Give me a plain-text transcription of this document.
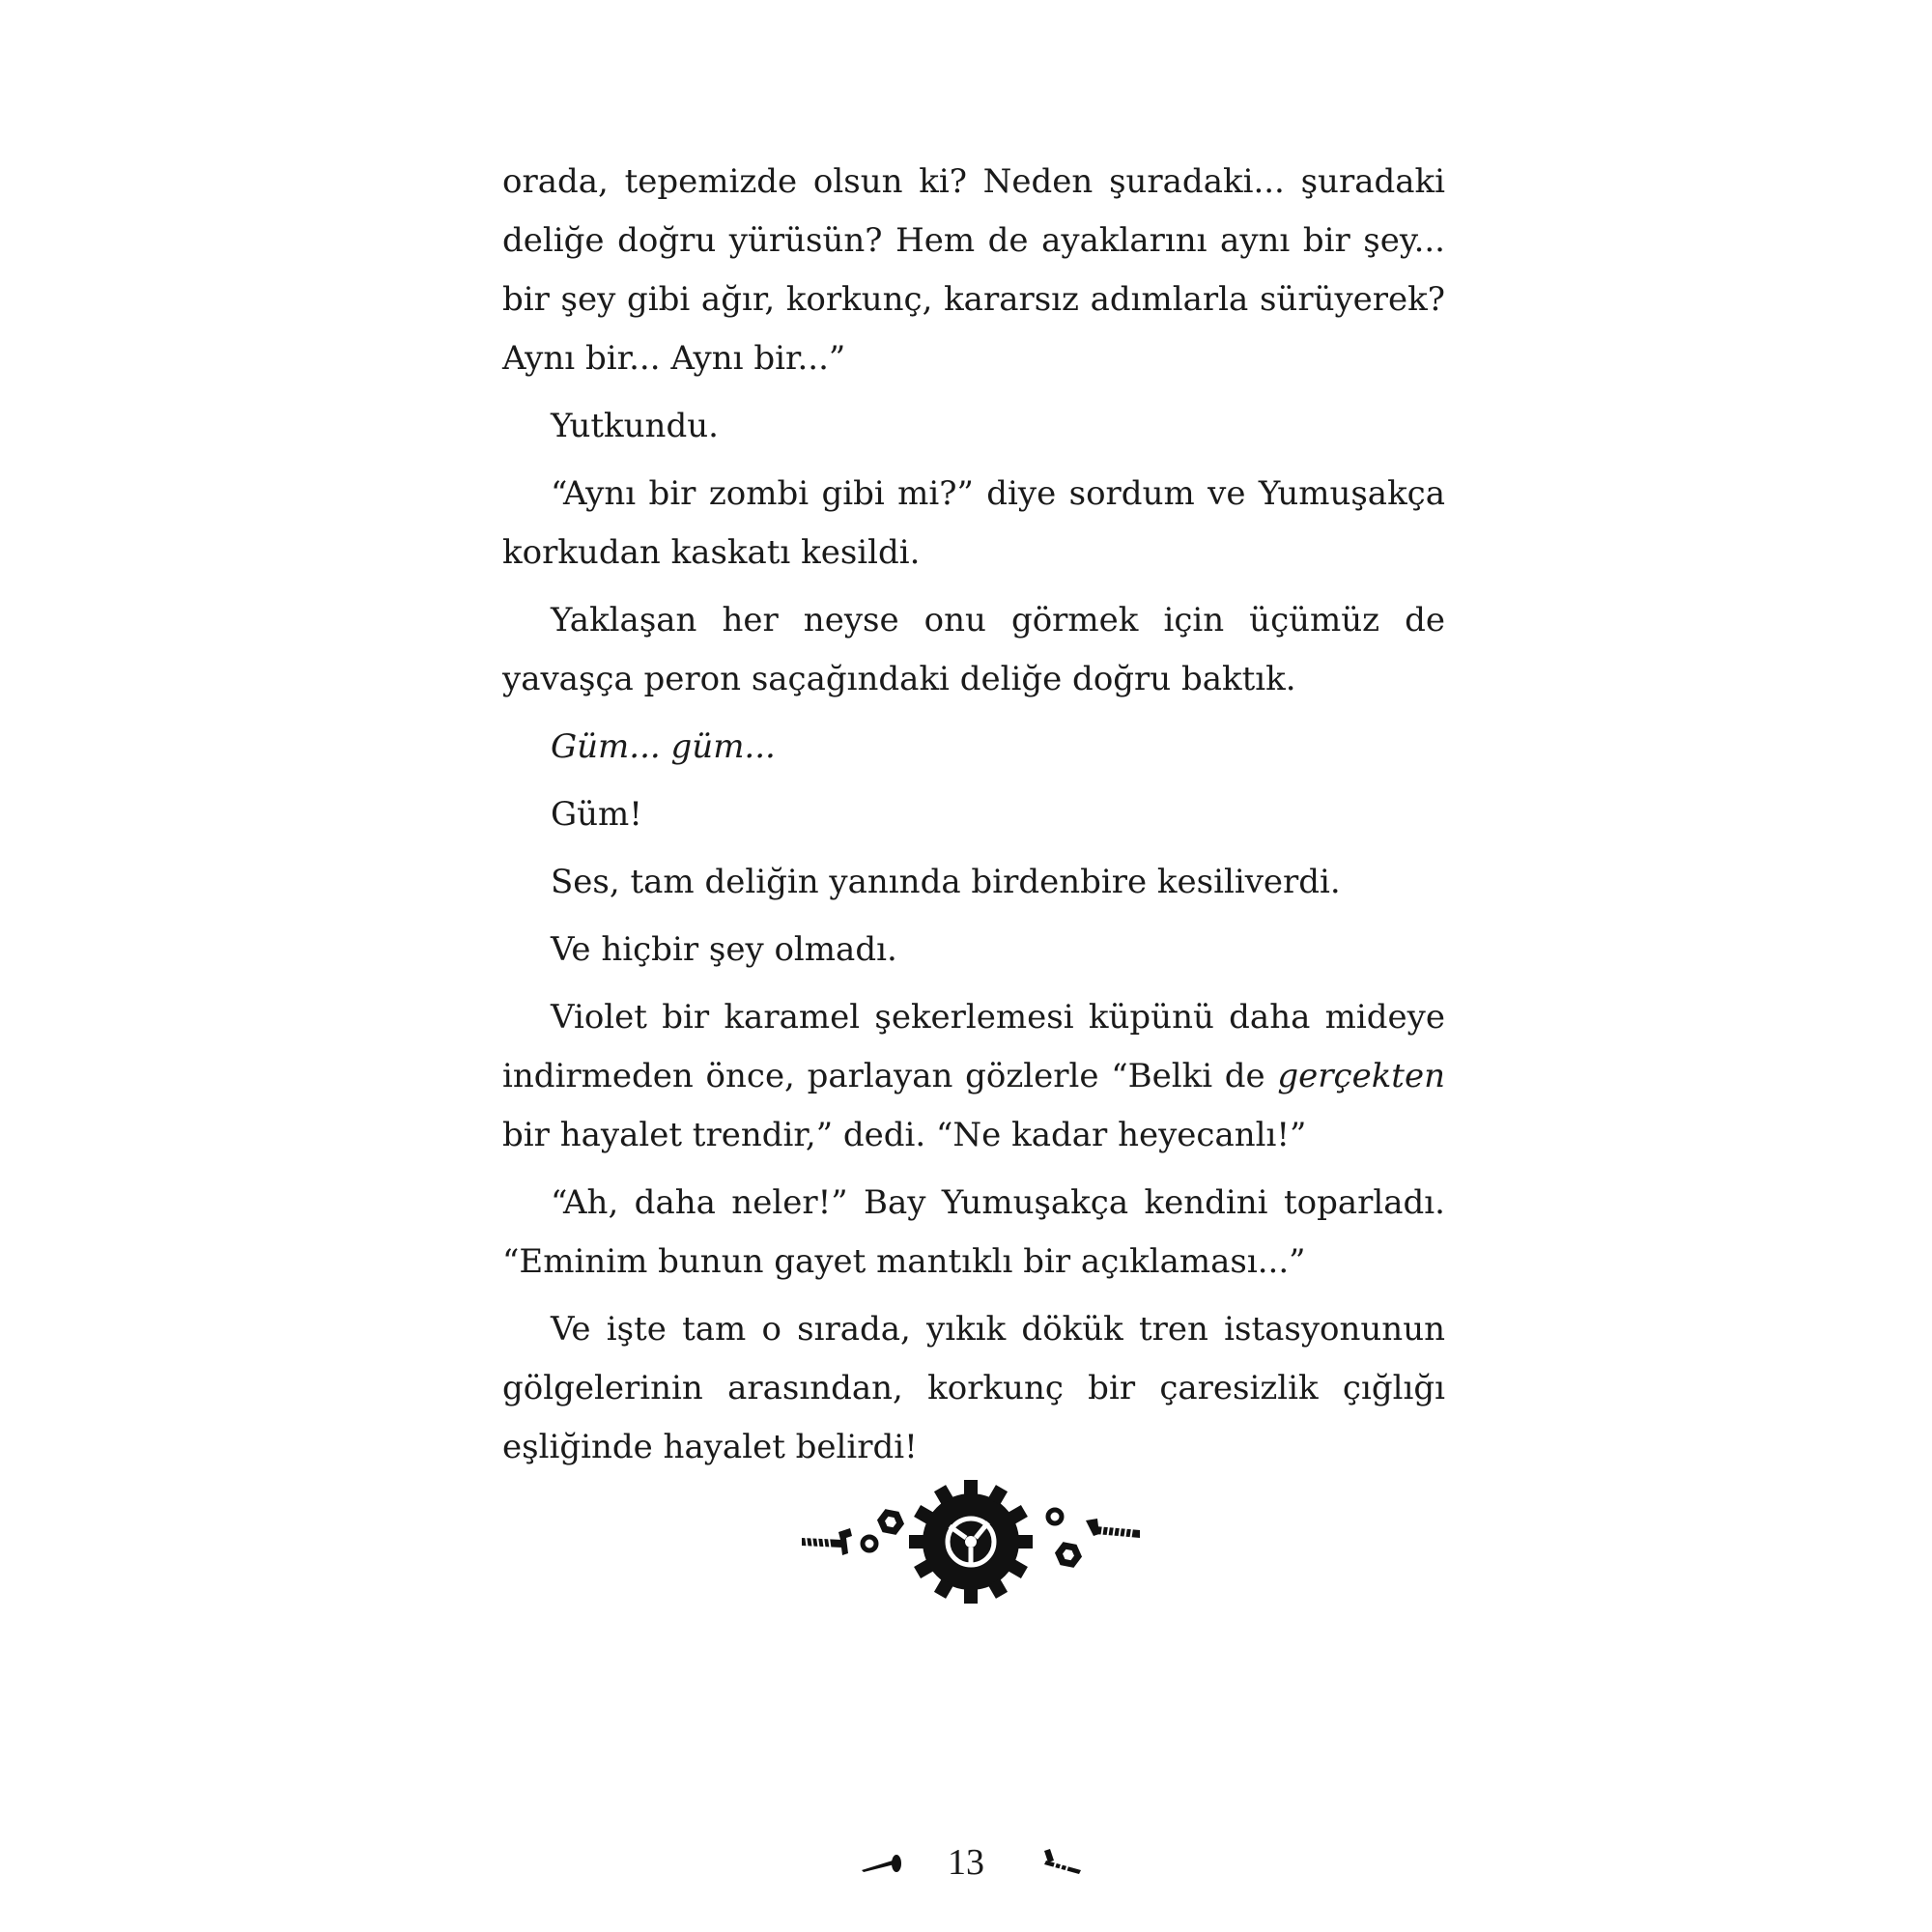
orada, tepemizde olsun ki? Neden şuradaki... şuradaki deliğe doğru yürüsün? Hem de ayaklarını aynı bir şey... bir şey gibi ağır, korkunç, kararsız adımlarla sürüyerek? Aynı bir... Aynı bir...”

Yutkundu.

“Aynı bir zombi gibi mi?” diye sordum ve Yumuşakça korkudan kaskatı kesildi.

Yaklaşan her neyse onu görmek için üçümüz de yavaşça peron saçağındaki deliğe doğru baktık.

Güm... güm...

Güm!

Ses, tam deliğin yanında birdenbire kesiliverdi.

Ve hiçbir şey olmadı.

Violet bir karamel şekerlemesi küpünü daha mideye indirmeden önce, parlayan gözlerle “Belki de gerçekten bir hayalet trendir,” dedi. “Ne kadar heyecanlı!”

“Ah, daha neler!” Bay Yumuşakça kendini toparladı. “Eminim bunun gayet mantıklı bir açıklaması...”

Ve işte tam o sırada, yıkık dökük tren istasyonunun gölgelerinin arasından, korkunç bir çaresizlik çığlığı eşliğinde hayalet belirdi!

13
